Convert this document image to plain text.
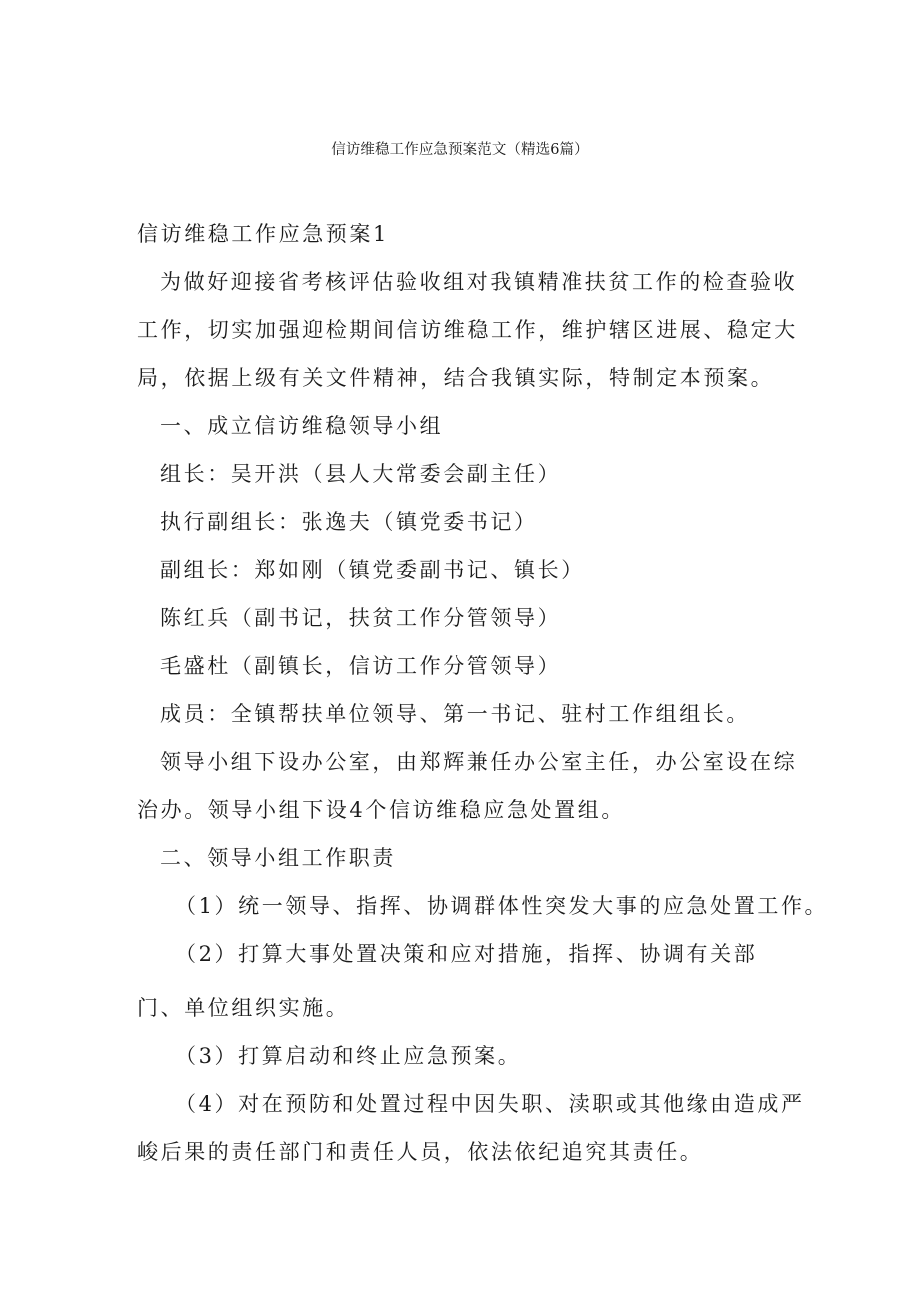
信访维稳工作应急预案范文（精选6篇）
信访维稳工作应急预案1
为做好迎接省考核评估验收组对我镇精准扶贫工作的检查验收
工作，切实加强迎检期间信访维稳工作，维护辖区进展、稳定大
局，依据上级有关文件精神，结合我镇实际，特制定本预案。
一、成立信访维稳领导小组
组长：吴开洪（县人大常委会副主任）
执行副组长：张逸夫（镇党委书记）
副组长：郑如刚（镇党委副书记、镇长）
陈红兵（副书记，扶贫工作分管领导）
毛盛杜（副镇长，信访工作分管领导）
成员：全镇帮扶单位领导、第一书记、驻村工作组组长。
领导小组下设办公室，由郑辉兼任办公室主任，办公室设在综
治办。领导小组下设4个信访维稳应急处置组。
二、领导小组工作职责
（1）统一领导、指挥、协调群体性突发大事的应急处置工作。
（2）打算大事处置决策和应对措施，指挥、协调有关部
门、单位组织实施。
（3）打算启动和终止应急预案。
（4）对在预防和处置过程中因失职、渎职或其他缘由造成严
峻后果的责任部门和责任人员，依法依纪追究其责任。
